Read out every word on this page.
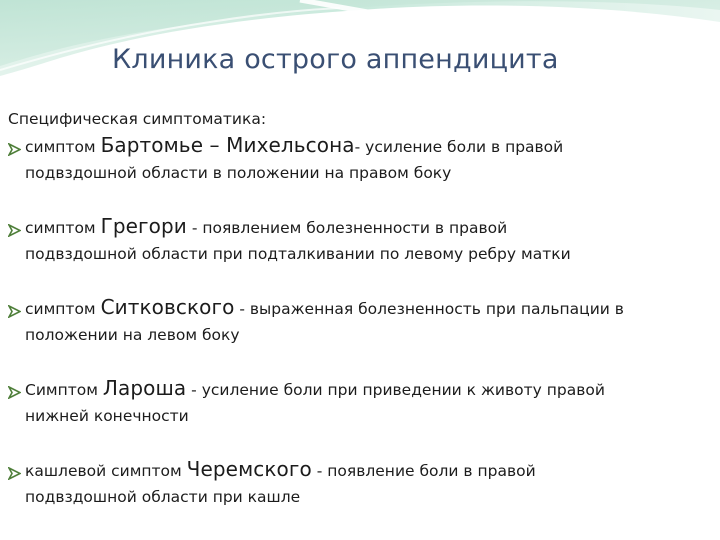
Клиника острого аппендицита
Специфическая симптоматика:
симптом Бартомье – Михельсона- усиление боли в правой
подвздошной области в положении на правом боку
симптом Грегори - появлением болезненности в правой
подвздошной области при подталкивании по левому ребру матки
симптом Ситковского - выраженная болезненность при пальпации в
положении на левом боку
Симптом Лароша - усиление боли при приведении к животу правой
нижней конечности
кашлевой симптом Черемского - появление боли в правой
подвздошной области при кашле
